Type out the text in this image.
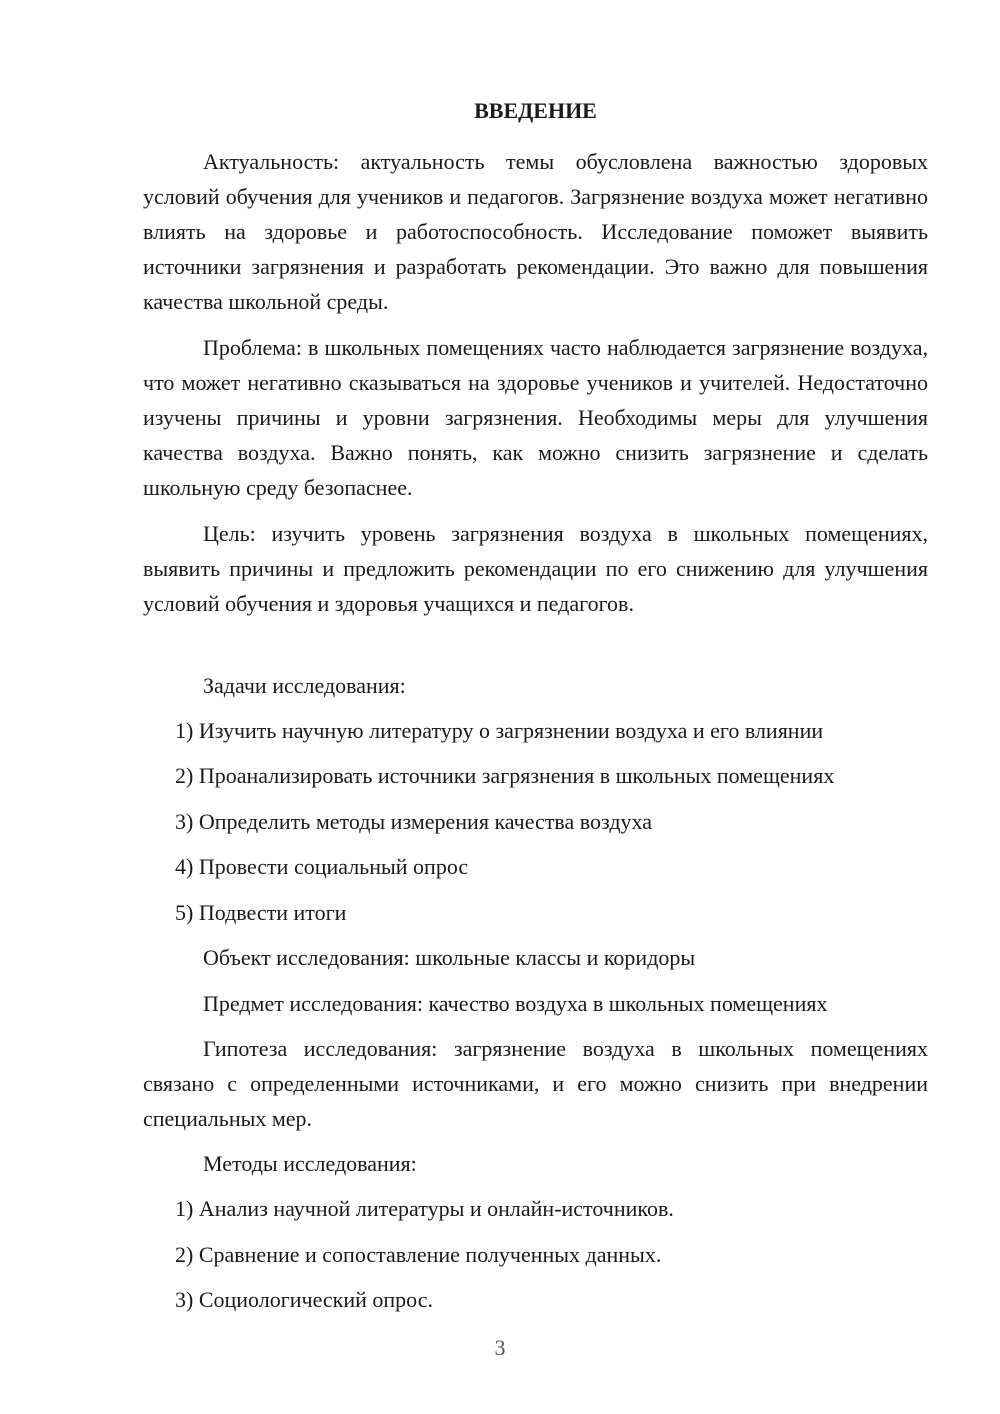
ВВЕДЕНИЕ

Актуальность: актуальность темы обусловлена важностью здоровых условий обучения для учеников и педагогов. Загрязнение воздуха может негативно влиять на здоровье и работоспособность. Исследование поможет выявить источники загрязнения и разработать рекомендации. Это важно для повышения качества школьной среды.

Проблема: в школьных помещениях часто наблюдается загрязнение воздуха, что может негативно сказываться на здоровье учеников и учителей. Недостаточно изучены причины и уровни загрязнения. Необходимы меры для улучшения качества воздуха. Важно понять, как можно снизить загрязнение и сделать школьную среду безопаснее.

Цель: изучить уровень загрязнения воздуха в школьных помещениях, выявить причины и предложить рекомендации по его снижению для улучшения условий обучения и здоровья учащихся и педагогов.

Задачи исследования:
1) Изучить научную литературу о загрязнении воздуха и его влиянии
2) Проанализировать источники загрязнения в школьных помещениях
3) Определить методы измерения качества воздуха
4) Провести социальный опрос
5) Подвести итоги
Объект исследования: школьные классы и коридоры
Предмет исследования: качество воздуха в школьных помещениях

Гипотеза исследования: загрязнение воздуха в школьных помещениях связано с определенными источниками, и его можно снизить при внедрении специальных мер.

Методы исследования:
1) Анализ научной литературы и онлайн-источников.
2) Сравнение и сопоставление полученных данных.
3) Социологический опрос.
3
